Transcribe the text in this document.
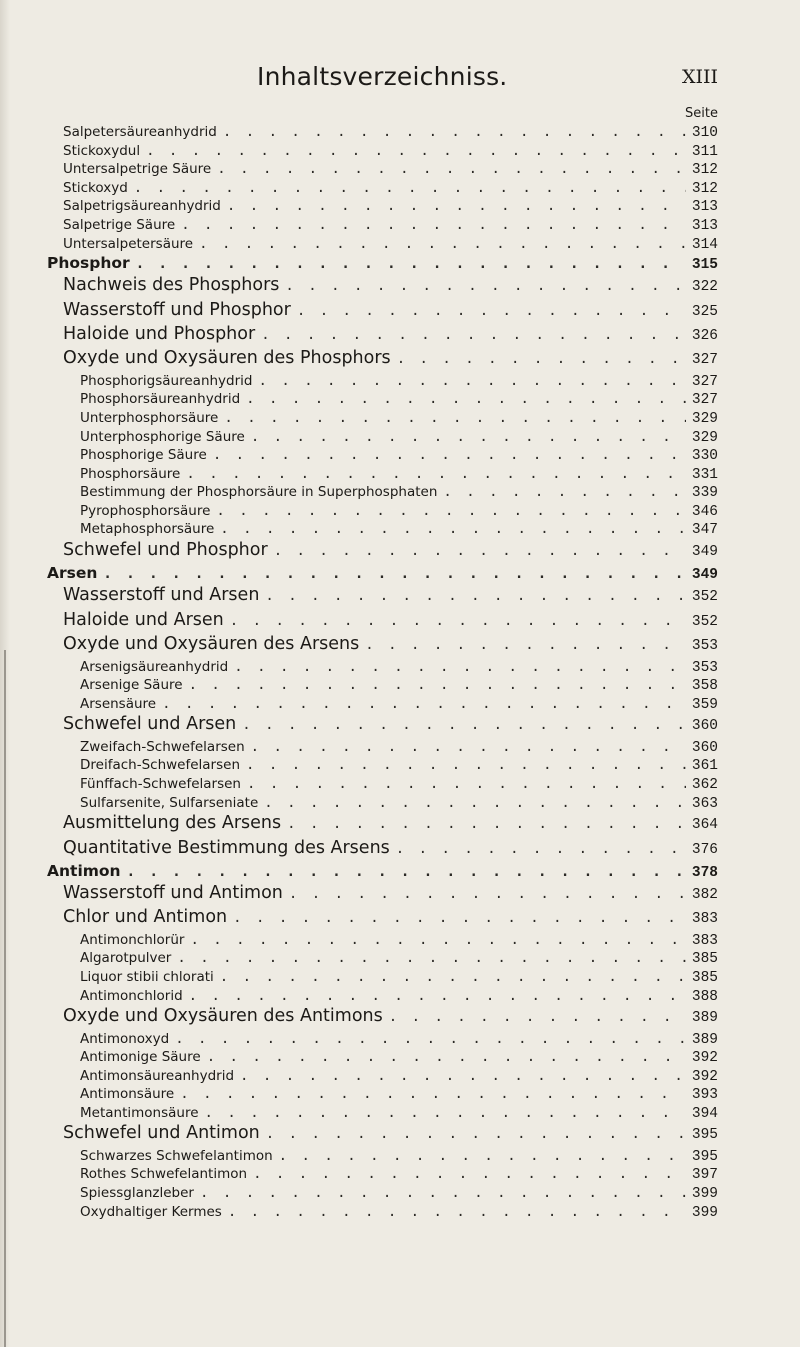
Inhaltsverzeichniss.	XIII
Seite
Salpetersäureanhydrid . . .	310
Stickoxydul . . .	311
Untersalpetrige Säure . . .	312
Stickoxyd . . .	312
Salpetrigsäureanhydrid . . .	313
Salpetrige Säure . . .	313
Untersalpetersäure . . .	314
Phosphor . . .	315
Nachweis des Phosphors . . .	322
Wasserstoff und Phosphor . . .	325
Haloide und Phosphor . . .	326
Oxyde und Oxysäuren des Phosphors . . .	327
Phosphorigsäureanhydrid . . .	327
Phosphorsäureanhydrid . . .	327
Unterphosphorsäure . . .	329
Unterphosphorige Säure . . .	329
Phosphorige Säure . . .	330
Phosphorsäure . . .	331
Bestimmung der Phosphorsäure in Superphosphaten . . .	339
Pyrophosphorsäure . . .	346
Metaphosphorsäure . . .	347
Schwefel und Phosphor . . .	349
Arsen . . .	349
Wasserstoff und Arsen . . .	352
Haloide und Arsen . . .	352
Oxyde und Oxysäuren des Arsens . . .	353
Arsenigsäureanhydrid . . .	353
Arsenige Säure . . .	358
Arsensäure . . .	359
Schwefel und Arsen . . .	360
Zweifach-Schwefelarsen . . .	360
Dreifach-Schwefelarsen . . .	361
Fünffach-Schwefelarsen . . .	362
Sulfarsenite, Sulfarseniate . . .	363
Ausmittelung des Arsens . . .	364
Quantitative Bestimmung des Arsens . . .	376
Antimon . . .	378
Wasserstoff und Antimon . . .	382
Chlor und Antimon . . .	383
Antimonchlorür . . .	383
Algarotpulver . . .	385
Liquor stibii chlorati . . .	385
Antimonchlorid . . .	388
Oxyde und Oxysäuren des Antimons . . .	389
Antimonoxyd . . .	389
Antimonige Säure . . .	392
Antimonsäureanhydrid . . .	392
Antimonsäure . . .	393
Metantimonsäure . . .	394
Schwefel und Antimon . . .	395
Schwarzes Schwefelantimon . . .	395
Rothes Schwefelantimon . . .	397
Spiessglanzleber . . .	399
Oxydhaltiger Kermes . . .	399
